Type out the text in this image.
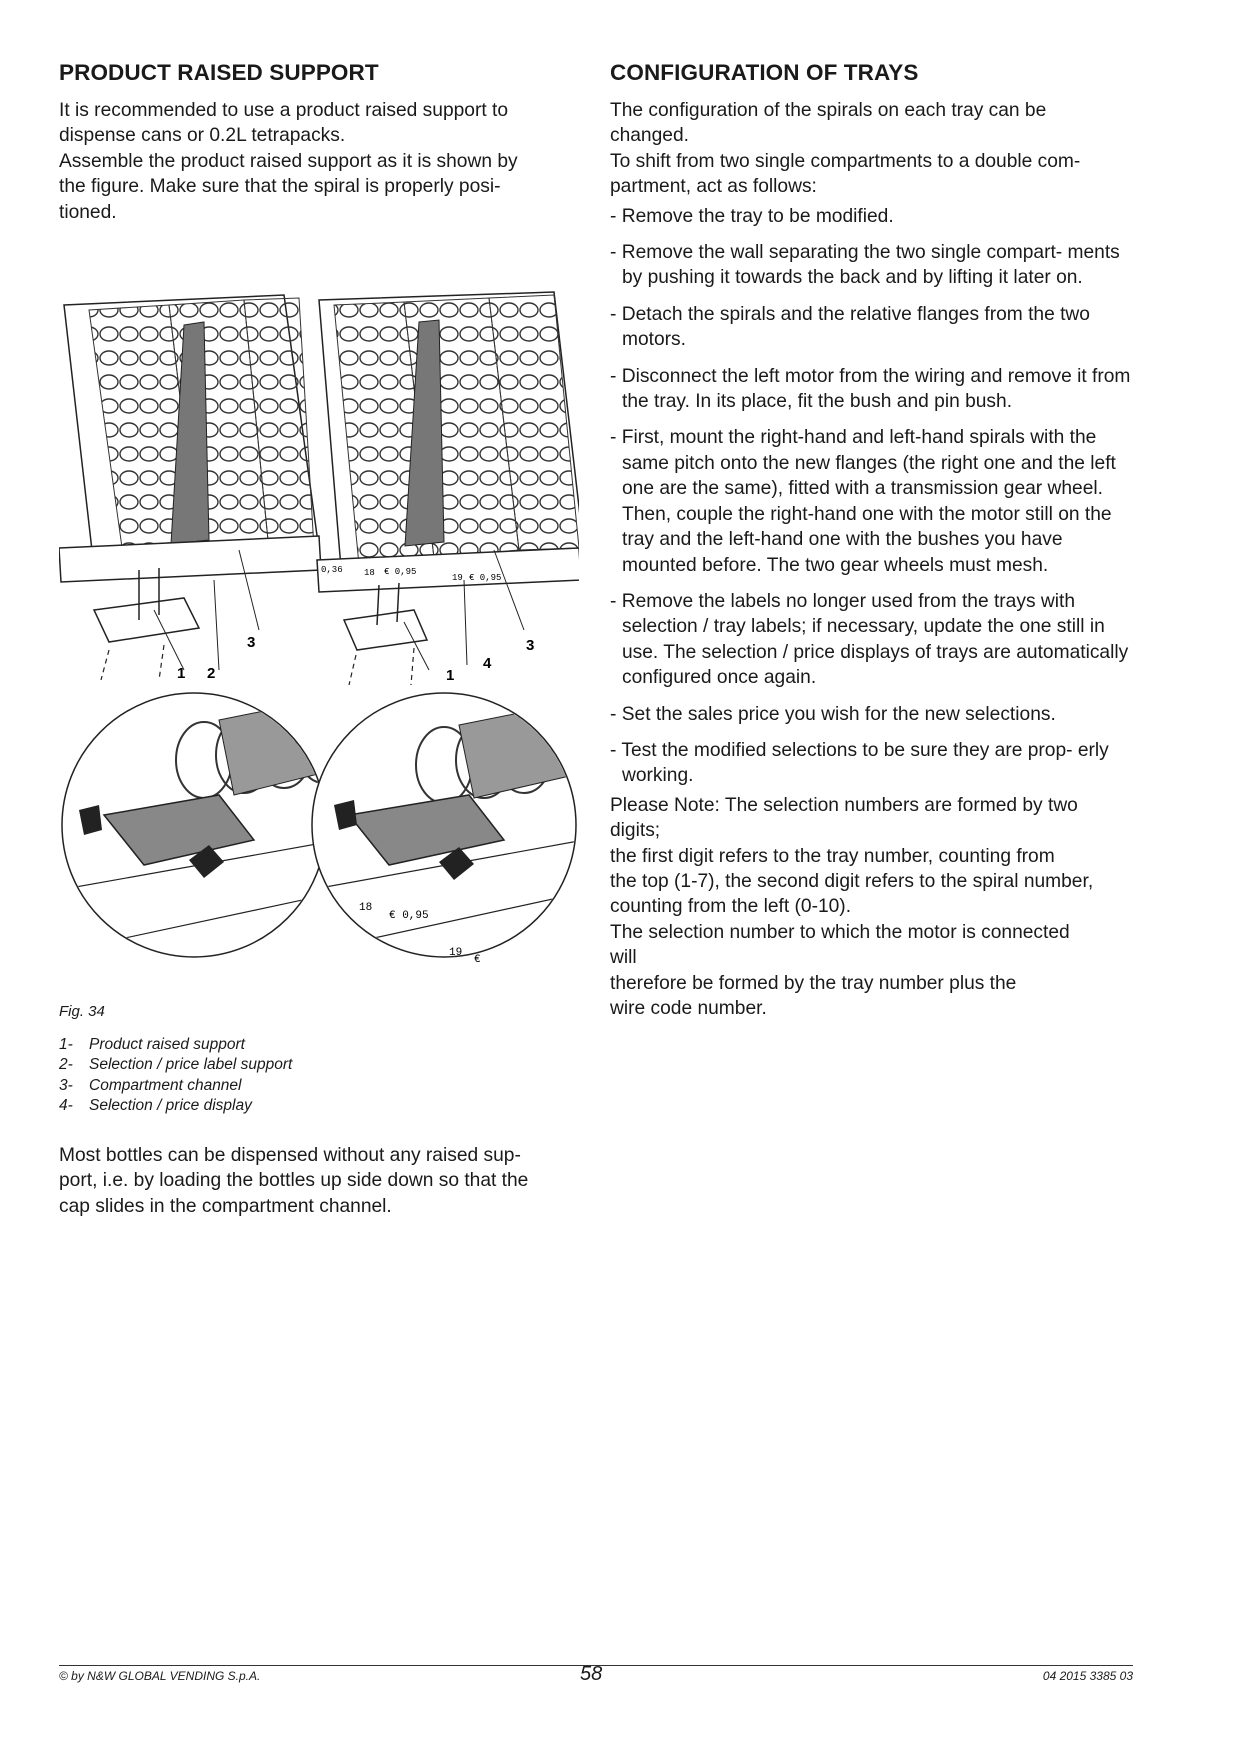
PRODUCT RAISED SUPPORT

It is recommended to use a product raised support to

dispense cans or 0.2L tetrapacks.

Assemble the product raised support as it is shown by

the figure. Make sure that the spiral is properly posi-

tioned.

1 2
3
0,36 18 € 0,95
19 € 0,95
4
3
1
18
€ 0,95
19
€
Fig. 34
1- Product raised support
2- Selection / price label support
3- Compartment channel
4- Selection / price display

Most bottles can be dispensed without any raised sup-

port, i.e. by loading the bottles up side down so that the

cap slides in the compartment channel.

CONFIGURATION OF TRAYS

The configuration of the spirals on each tray can be

changed.

To shift from two single compartments to a double com-

partment, act as follows:

- Remove the tray to be modified.
- Remove the wall separating the two single compart- ments by pushing it towards the back and by lifting it later on.
- Detach the spirals and the relative flanges from the two motors.
- Disconnect the left motor from the wiring and remove it from the tray. In its place, fit the bush and pin bush.
- First, mount the right-hand and left-hand spirals with the same pitch onto the new flanges (the right one and the left one are the same), fitted with a transmission gear wheel. Then, couple the right-hand one with the motor still on the tray and the left-hand one with the bushes you have mounted before. The two gear wheels must mesh.
- Remove the labels no longer used from the trays with selection / tray labels; if necessary, update the one still in use. The selection / price displays of trays are automatically configured once again.
- Set the sales price you wish for the new selections.
- Test the modified selections to be sure they are prop- erly working.

Please Note: The selection numbers are formed by two

digits;

the first digit refers to the tray number, counting from

the top (1-7), the second digit refers to the spiral number,

counting from the left (0-10).

The selection number to which the motor is connected

will

therefore be formed by the tray number plus the

wire code number.

© by N&W GLOBAL VENDING S.p.A.	58	04 2015 3385 03
